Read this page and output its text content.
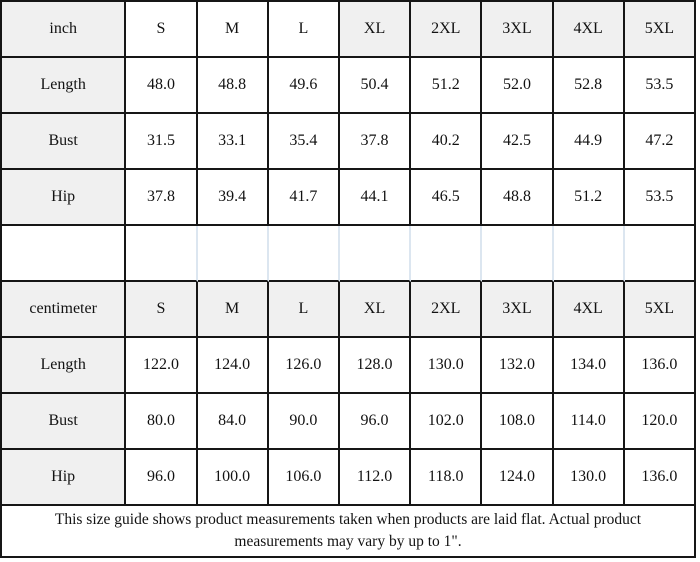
inch	S	M	L	XL	2XL	3XL	4XL	5XL
Length	48.0	48.8	49.6	50.4	51.2	52.0	52.8	53.5
Bust	31.5	33.1	35.4	37.8	40.2	42.5	44.9	47.2
Hip	37.8	39.4	41.7	44.1	46.5	48.8	51.2	53.5

centimeter	S	M	L	XL	2XL	3XL	4XL	5XL
Length	122.0	124.0	126.0	128.0	130.0	132.0	134.0	136.0
Bust	80.0	84.0	90.0	96.0	102.0	108.0	114.0	120.0
Hip	96.0	100.0	106.0	112.0	118.0	124.0	130.0	136.0

This size guide shows product measurements taken when products are laid flat. Actual product measurements may vary by up to 1".								
